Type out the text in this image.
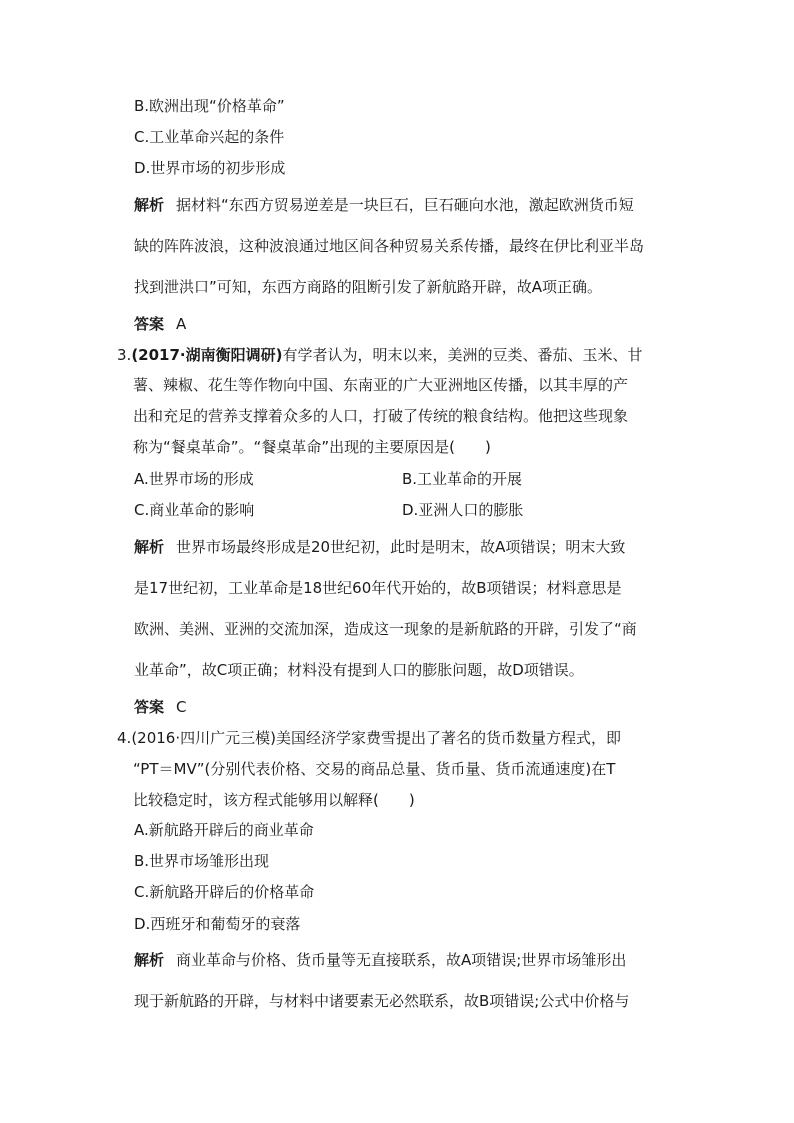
B.欧洲出现“价格革命”
C.工业革命兴起的条件
D.世界市场的初步形成
解析 据材料“东西方贸易逆差是一块巨石，巨石砸向水池，激起欧洲货币短
缺的阵阵波浪，这种波浪通过地区间各种贸易关系传播，最终在伊比利亚半岛
找到泄洪口”可知，东西方商路的阻断引发了新航路开辟，故A项正确。
答案 A
3.(2017·湖南衡阳调研)有学者认为，明末以来，美洲的豆类、番茄、玉米、甘
薯、辣椒、花生等作物向中国、东南亚的广大亚洲地区传播，以其丰厚的产
出和充足的营养支撑着众多的人口，打破了传统的粮食结构。他把这些现象
称为“餐桌革命”。“餐桌革命”出现的主要原因是(　　)
A.世界市场的形成	B.工业革命的开展
C.商业革命的影响	D.亚洲人口的膨胀
解析 世界市场最终形成是20世纪初，此时是明末，故A项错误；明末大致
是17世纪初，工业革命是18世纪60年代开始的，故B项错误；材料意思是
欧洲、美洲、亚洲的交流加深，造成这一现象的是新航路的开辟，引发了“商
业革命”，故C项正确；材料没有提到人口的膨胀问题，故D项错误。
答案 C
4.(2016·四川广元三模)美国经济学家费雪提出了著名的货币数量方程式，即
“PT＝MV”(分别代表价格、交易的商品总量、货币量、货币流通速度)在T
比较稳定时，该方程式能够用以解释(　　)
A.新航路开辟后的商业革命
B.世界市场雏形出现
C.新航路开辟后的价格革命
D.西班牙和葡萄牙的衰落
解析 商业革命与价格、货币量等无直接联系，故A项错误;世界市场雏形出
现于新航路的开辟，与材料中诸要素无必然联系，故B项错误;公式中价格与
